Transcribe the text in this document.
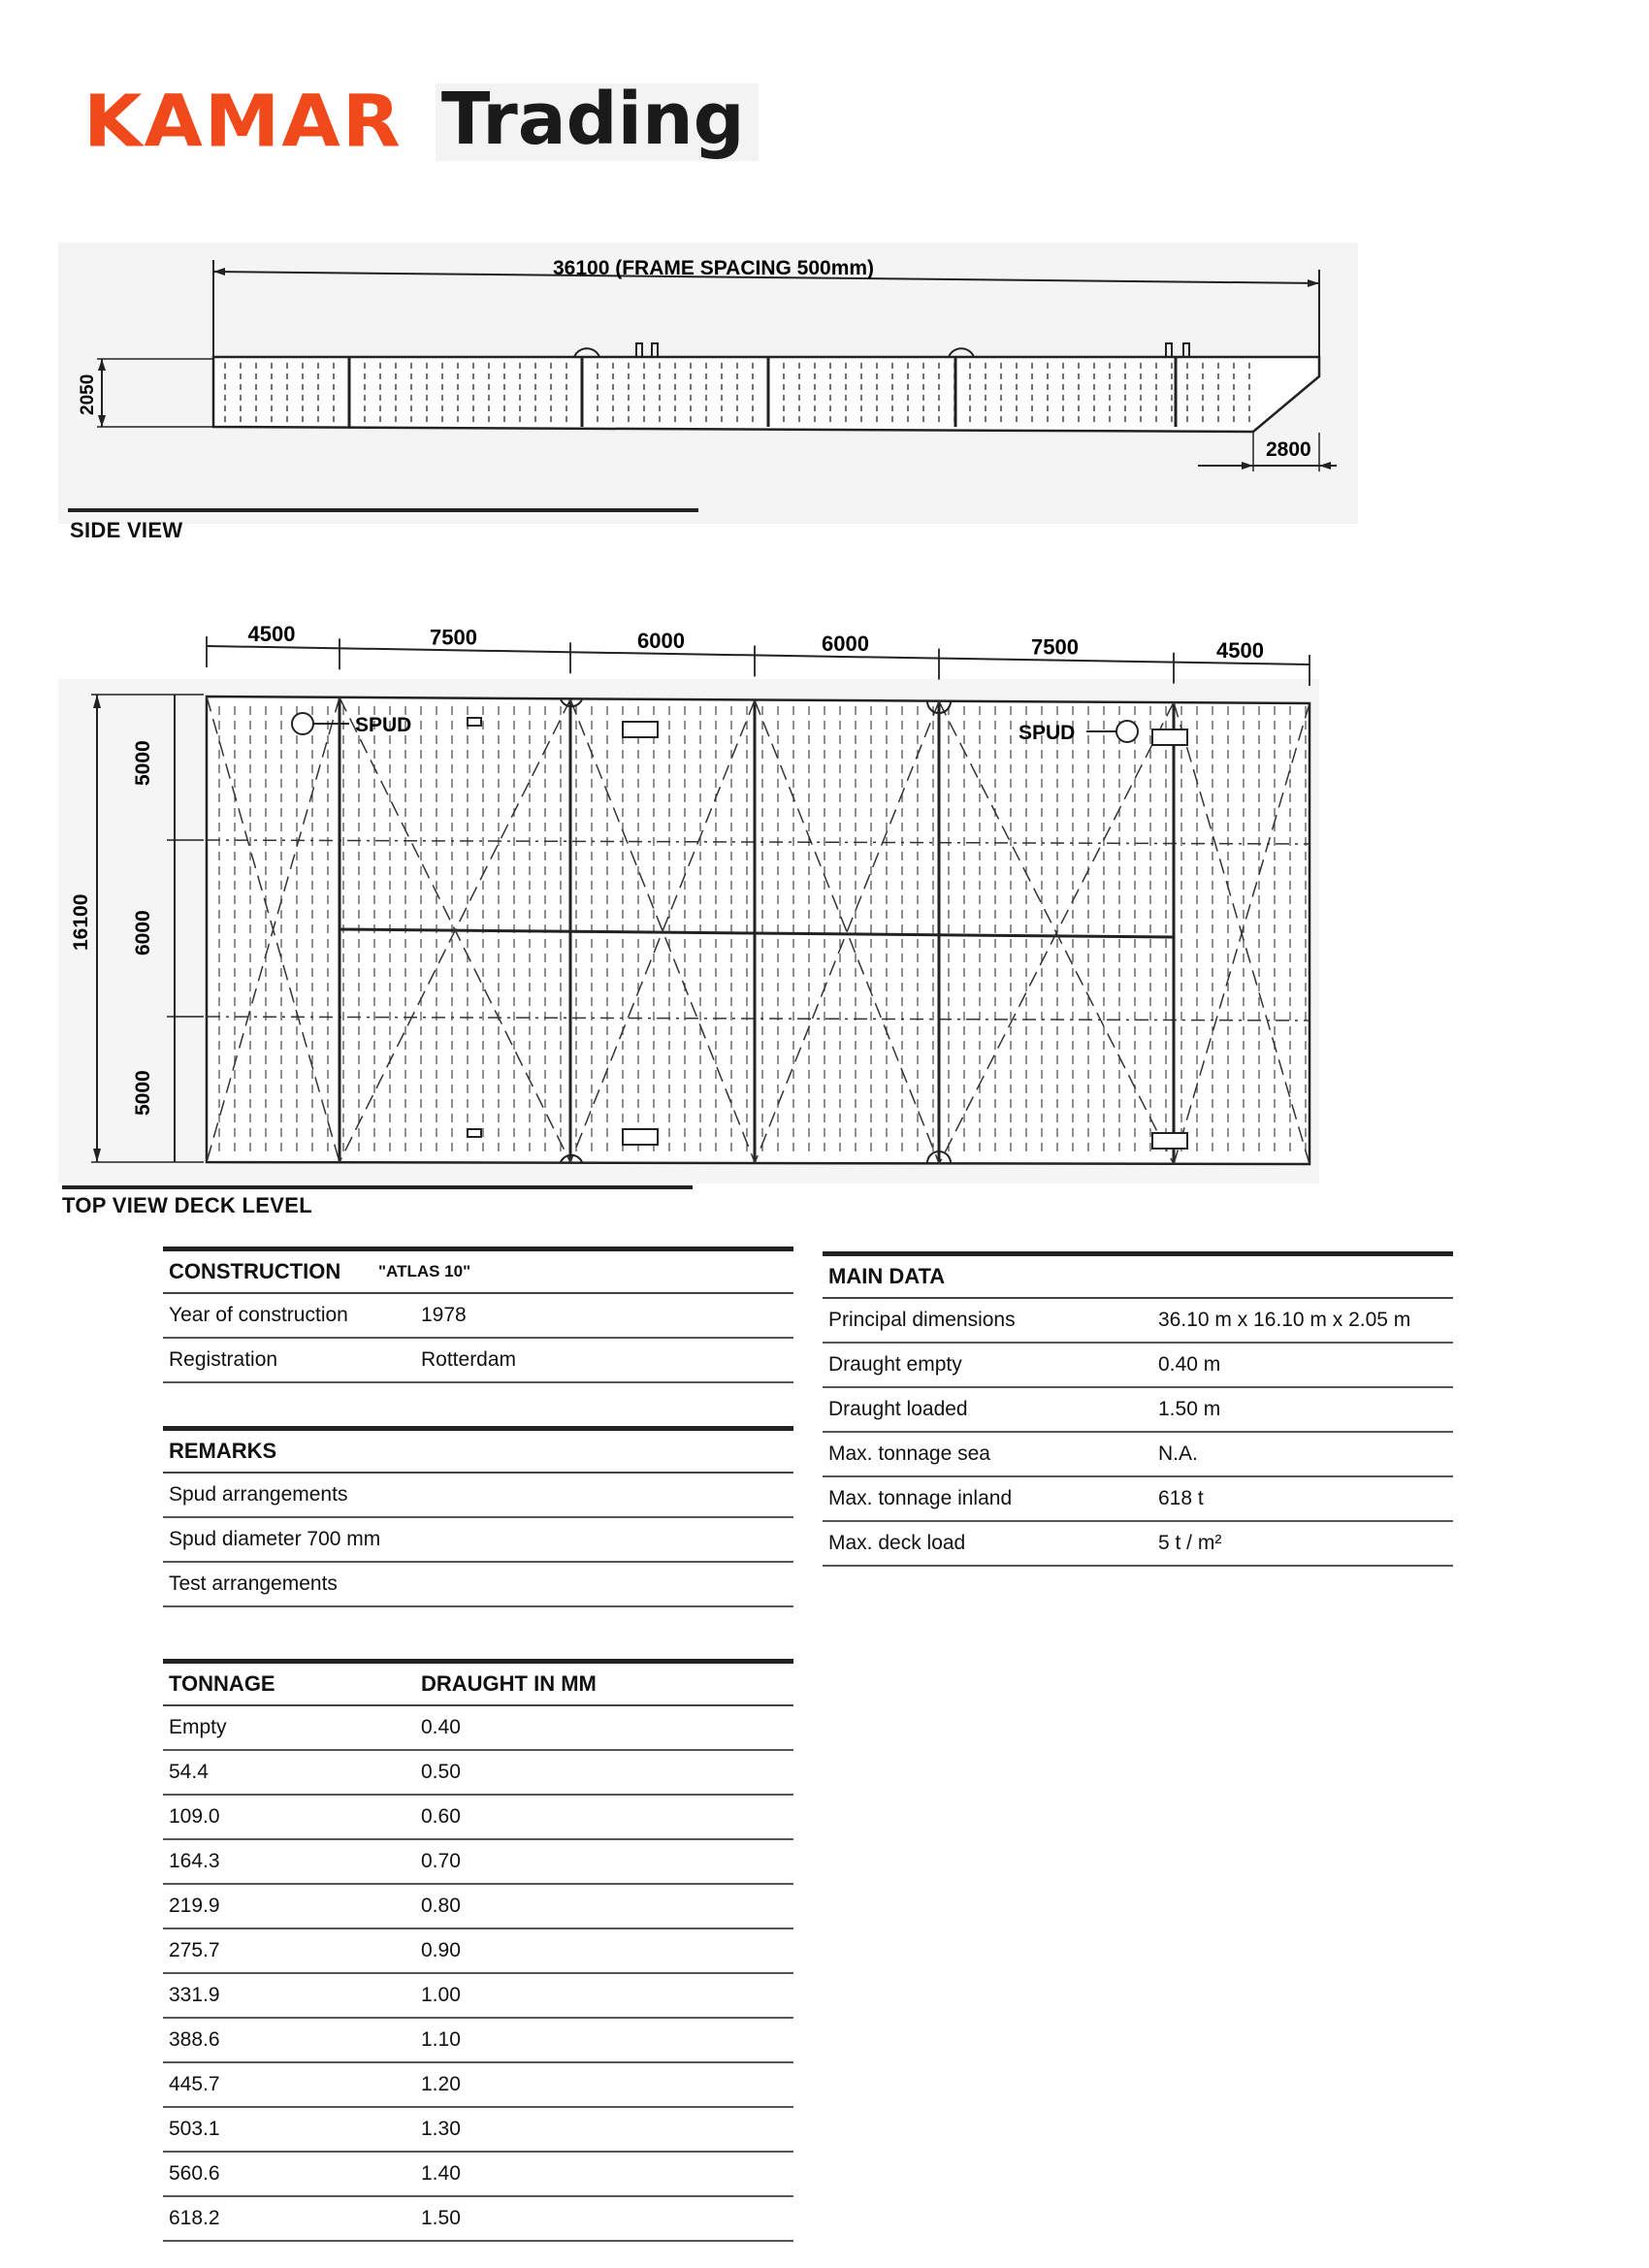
KAMAR Trading
36100 (FRAME SPACING 500mm)
2050
2800
SIDE VIEW
4500	7500	6000	6000	7500	4500
16100
5000
6000
5000
SPUD	SPUD
TOP VIEW DECK LEVEL
CONSTRUCTION	"ATLAS 10"
Year of construction	1978
Registration	Rotterdam
REMARKS
Spud arrangements
Spud diameter 700 mm
Test arrangements
TONNAGE	DRAUGHT IN MM
Empty	0.40
54.4	0.50
109.0	0.60
164.3	0.70
219.9	0.80
275.7	0.90
331.9	1.00
388.6	1.10
445.7	1.20
503.1	1.30
560.6	1.40
618.2	1.50
MAIN DATA
Principal dimensions	36.10 m x 16.10 m x 2.05 m
Draught empty	0.40 m
Draught loaded	1.50 m
Max. tonnage sea	N.A.
Max. tonnage inland	618 t
Max. deck load	5 t / m²
